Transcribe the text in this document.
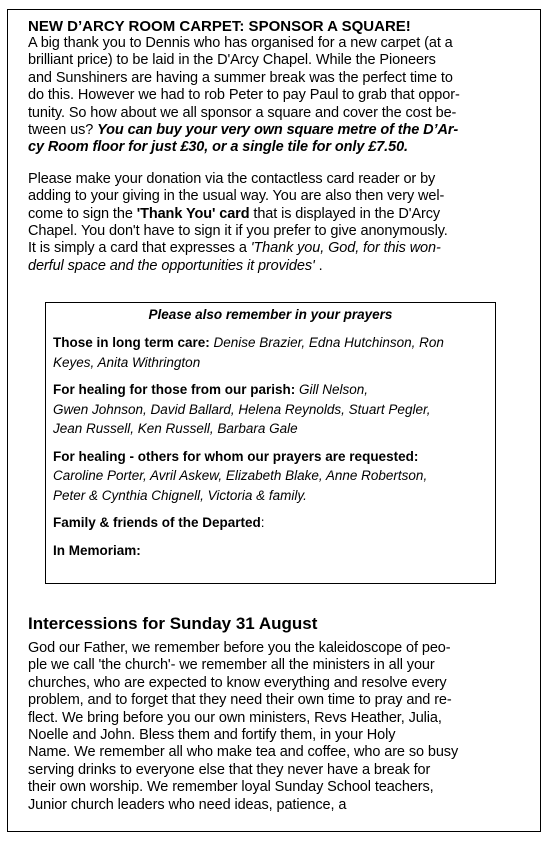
NEW D’ARCY ROOM CARPET: SPONSOR A SQUARE!

A big thank you to Dennis who has organised for a new carpet (at a
brilliant price) to be laid in the D'Arcy Chapel. While the Pioneers
and Sunshiners are having a summer break was the perfect time to
do this. However we had to rob Peter to pay Paul to grab that oppor-
tunity. So how about we all sponsor a square and cover the cost be-
tween us? You can buy your very own square metre of the D’Ar-
cy Room floor for just £30, or a single tile for only £7.50.

Please make your donation via the contactless card reader or by
adding to your giving in the usual way. You are also then very wel-
come to sign the 'Thank You' card that is displayed in the D'Arcy
Chapel. You don't have to sign it if you prefer to give anonymously.
It is simply a card that expresses a 'Thank you, God, for this won-
derful space and the opportunities it provides' .

Please also remember in your prayers

Those in long term care: Denise Brazier, Edna Hutchinson, Ron
Keyes, Anita Withrington

For healing for those from our parish: Gill Nelson,
Gwen Johnson, David Ballard, Helena Reynolds, Stuart Pegler,
Jean Russell, Ken Russell, Barbara Gale

For healing - others for whom our prayers are requested:
Caroline Porter, Avril Askew, Elizabeth Blake, Anne Robertson,
Peter & Cynthia Chignell, Victoria & family.

Family & friends of the Departed:

In Memoriam:

Intercessions for Sunday 31 August

God our Father, we remember before you the kaleidoscope of peo-
ple we call 'the church'- we remember all the ministers in all your
churches, who are expected to know everything and resolve every
problem, and to forget that they need their own time to pray and re-
flect. We bring before you our own ministers, Revs Heather, Julia,
Noelle and John. Bless them and fortify them, in your Holy
Name. We remember all who make tea and coffee, who are so busy
serving drinks to everyone else that they never have a break for
their own worship. We remember loyal Sunday School teachers,
Junior church leaders who need ideas, patience, a
